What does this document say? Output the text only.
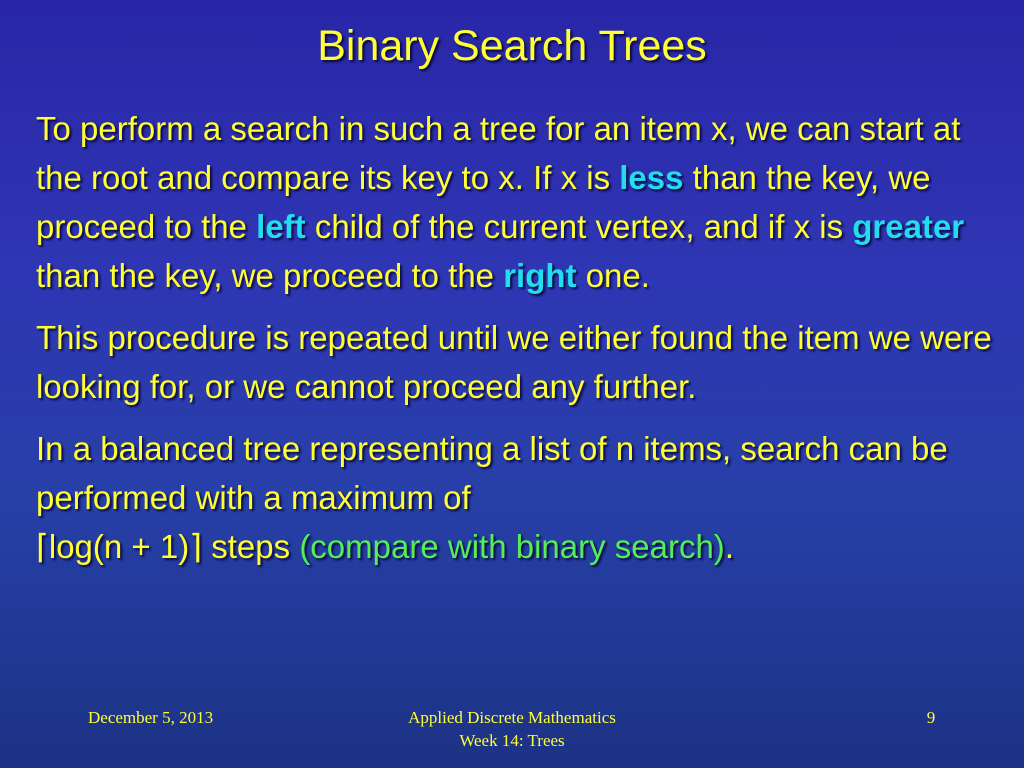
Binary Search Trees

To perform a search in such a tree for an item x, we can start at the root and compare its key to x. If x is less than the key, we proceed to the left child of the current vertex, and if x is greater than the key, we proceed to the right one.

This procedure is repeated until we either found the item we were looking for, or we cannot proceed any further.

In a balanced tree representing a list of n items, search can be performed with a maximum of
⌈log(n + 1)⌉ steps (compare with binary search).

December 5, 2013	Applied Discrete Mathematics
Week 14: Trees
9
